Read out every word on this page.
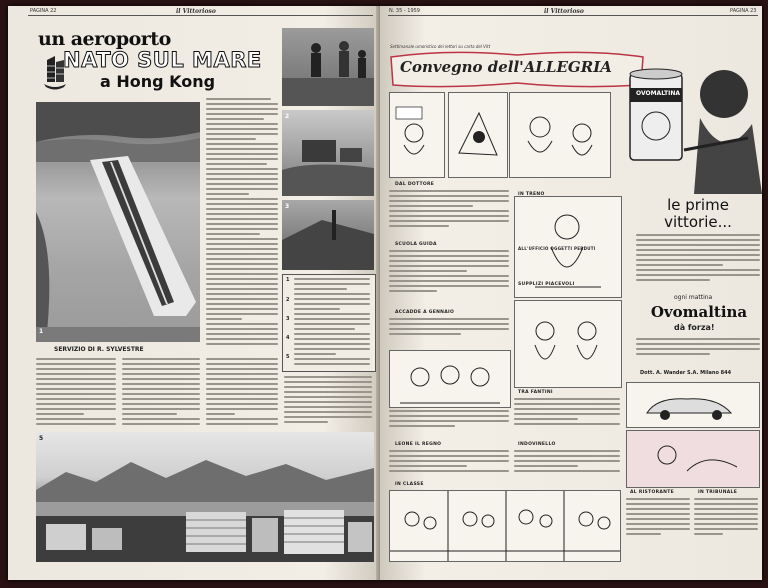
PAGINA 22	il Vittorioso
un aeroporto
NATO SUL MARE
a Hong Kong
1
SERVIZIO DI R. SYLVESTRE
2
3
1
2
3
4
5
5
N. 35 - 1959	il Vittorioso	PAGINA 23
Settimanale umoristico dei lettori su carta del Vitt
Convegno dell'ALLEGRIA
DAL DOTTORE
SCUOLA GUIDA
ACCADDE A GENNAIO
LEONE IL REGNO
IN TRENO
ALL'UFFICIO OGGETTI PERDUTI
SUPPLIZI PIACEVOLI
TRA FANTINI
INDOVINELLO
IN CLASSE
OVOMALTINA
le prime
vittorie...
ogni mattina
Ovomaltina
dà forza!
Dott. A. Wander S.A. Milano 844
AL RISTORANTE	IN TRIBUNALE
